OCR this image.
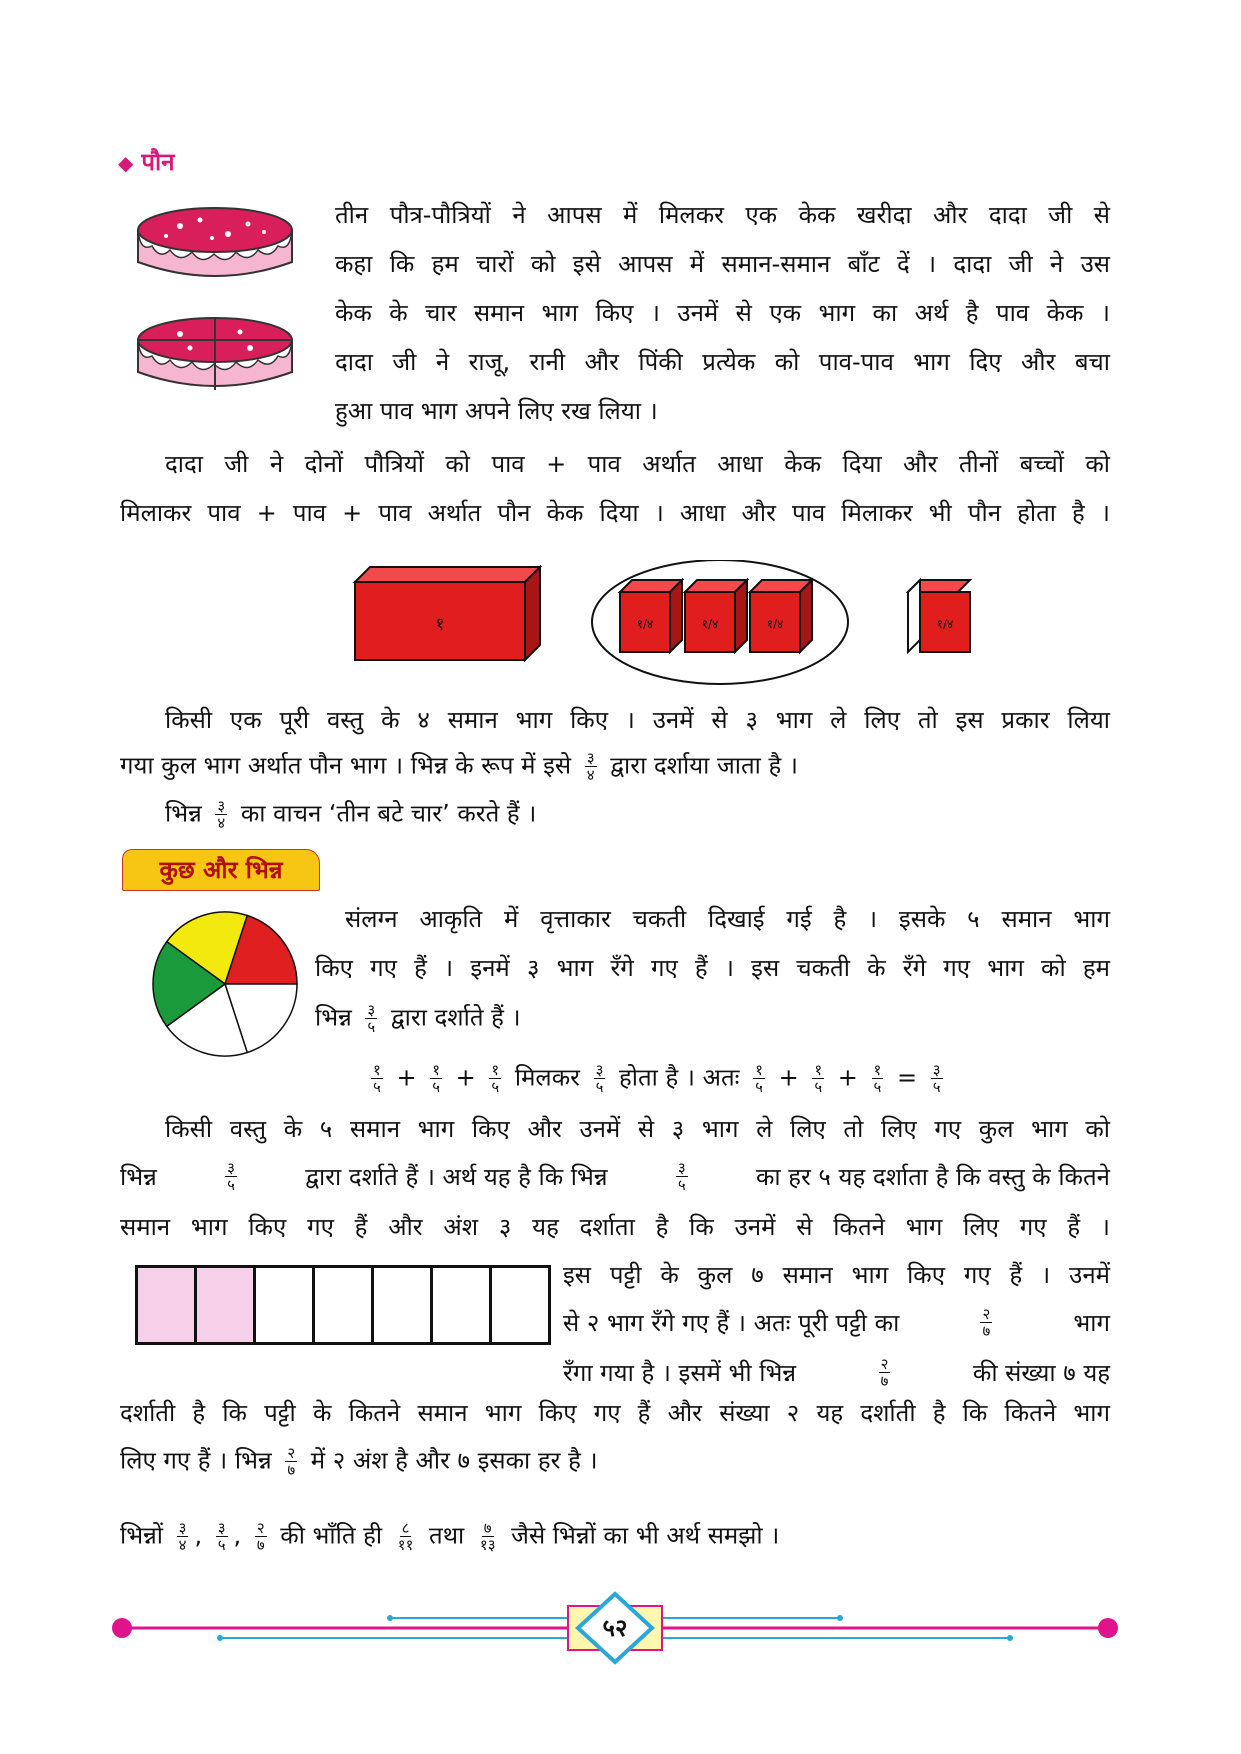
◆ पौन
तीन पौत्र-पौत्रियों ने आपस में मिलकर एक केक खरीदा और दादा जी से
कहा कि हम चारों को इसे आपस में समान-समान बाँट दें । दादा जी ने उस
केक के चार समान भाग किए । उनमें से एक भाग का अर्थ है पाव केक ।
दादा जी ने राजू, रानी और पिंकी प्रत्येक को पाव-पाव भाग दिए और बचा
हुआ पाव भाग अपने लिए रख लिया ।
दादा जी ने दोनों पौत्रियों को पाव + पाव अर्थात आधा केक दिया और तीनों बच्चों को
मिलाकर पाव + पाव + पाव अर्थात पौन केक दिया । आधा और पाव मिलाकर भी पौन होता है ।
१	१/४	१/४	१/४	१/४
किसी एक पूरी वस्तु के ४ समान भाग किए । उनमें से ३ भाग ले लिए तो इस प्रकार लिया
गया कुल भाग अर्थात पौन भाग । भिन्न के रूप में इसे $\frac{३}{४}$ द्वारा दर्शाया जाता है ।
भिन्न $\frac{३}{४}$ का वाचन ‘तीन बटे चार’ करते हैं ।
कुछ और भिन्न
संलग्न आकृति में वृत्ताकार चकती दिखाई गई है । इसके ५ समान भाग
किए गए हैं । इनमें ३ भाग रँगे गए हैं । इस चकती के रँगे गए भाग को हम
भिन्न $\frac{३}{५}$ द्वारा दर्शाते हैं ।
$\frac{१}{५} + \frac{१}{५} + \frac{१}{५}$ मिलकर $\frac{३}{५}$ होता है । अतः $\frac{१}{५} + \frac{१}{५} + \frac{१}{५} = \frac{३}{५}$
किसी वस्तु के ५ समान भाग किए और उनमें से ३ भाग ले लिए तो लिए गए कुल भाग को
भिन्न	$\frac{३}{५}$	द्वारा दर्शाते हैं । अर्थ यह है कि भिन्न	$\frac{३}{५}$	का हर ५ यह दर्शाता है कि वस्तु के कितने
समान भाग किए गए हैं और अंश ३ यह दर्शाता है कि उनमें से कितने भाग लिए गए हैं ।
इस पट्टी के कुल ७ समान भाग किए गए हैं । उनमें
से २ भाग रँगे गए हैं । अतः पूरी पट्टी का	$\frac{२}{७}$	भाग
रँगा गया है । इसमें भी भिन्न	$\frac{२}{७}$	की संख्या ७ यह
दर्शाती है कि पट्टी के कितने समान भाग किए गए हैं और संख्या २ यह दर्शाती है कि कितने भाग
लिए गए हैं । भिन्न $\frac{२}{७}$ में २ अंश है और ७ इसका हर है ।
भिन्नों $\frac{३}{४}$ , $\frac{३}{५}$ , $\frac{२}{७}$ की भाँति ही $\frac{८}{११}$ तथा $\frac{७}{१३}$ जैसे भिन्नों का भी अर्थ समझो ।
५२
